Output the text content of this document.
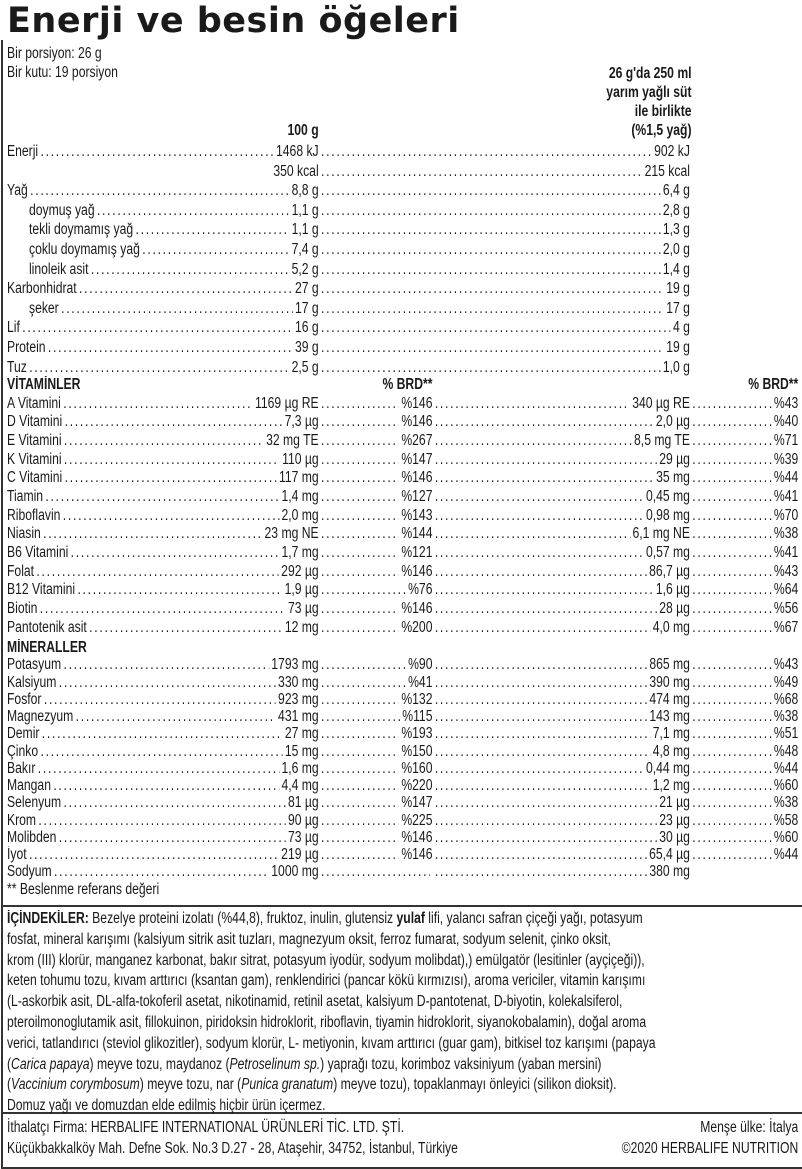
Enerji ve besin öğeleri
Bir porsiyon: 26 g
Bir kutu: 19 porsiyon
100 g
26 g'da 250 ml
yarım yağlı süt
ile birlikte
(%1,5 yağ)
Enerji .....	1468 kJ .....	902 kJ
350 kcal .....	215 kcal
Yağ .....	8,8 g .....	6,4 g
doymuş yağ .....	1,1 g .....	2,8 g
tekli doymamış yağ .....	1,1 g .....	1,3 g
çoklu doymamış yağ .....	7,4 g .....	2,0 g
linoleik asit .....	5,2 g .....	1,4 g
Karbonhidrat .....	27 g .....	19 g
şeker .....	17 g .....	17 g
Lif .....	16 g .....	4 g
Protein .....	39 g .....	19 g
Tuz .....	2,5 g .....	1,0 g
VİTAMİNLER	% BRD**	% BRD**
A Vitamini .....	1169 µg RE .....	%146 .....	340 µg RE .....	%43
D Vitamini .....	7,3 µg .....	%146 .....	2,0 µg .....	%40
E Vitamini .....	32 mg TE .....	%267 .....	8,5 mg TE .....	%71
K Vitamini .....	110 µg .....	%147 .....	29 µg .....	%39
C Vitamini .....	117 mg .....	%146 .....	35 mg .....	%44
Tiamin .....	1,4 mg .....	%127 .....	0,45 mg .....	%41
Riboflavin .....	2,0 mg .....	%143 .....	0,98 mg .....	%70
Niasin .....	23 mg NE .....	%144 .....	6,1 mg NE .....	%38
B6 Vitamini .....	1,7 mg .....	%121 .....	0,57 mg .....	%41
Folat .....	292 µg .....	%146 .....	86,7 µg .....	%43
B12 Vitamini .....	1,9 µg .....	%76 .....	1,6 µg .....	%64
Biotin .....	73 µg .....	%146 .....	28 µg .....	%56
Pantotenik asit .....	12 mg .....	%200 .....	4,0 mg .....	%67
MİNERALLER
Potasyum .....	1793 mg .....	%90 .....	865 mg .....	%43
Kalsiyum .....	330 mg .....	%41 .....	390 mg .....	%49
Fosfor .....	923 mg .....	%132 .....	474 mg .....	%68
Magnezyum .....	431 mg .....	%115 .....	143 mg .....	%38
Demir .....	27 mg .....	%193 .....	7,1 mg .....	%51
Çinko .....	15 mg .....	%150 .....	4,8 mg .....	%48
Bakır .....	1,6 mg .....	%160 .....	0,44 mg .....	%44
Mangan .....	4,4 mg .....	%220 .....	1,2 mg .....	%60
Selenyum .....	81 µg .....	%147 .....	21 µg .....	%38
Krom .....	90 µg .....	%225 .....	23 µg .....	%58
Molibden .....	73 µg .....	%146 .....	30 µg .....	%60
İyot .....	219 µg .....	%146 .....	65,4 µg .....	%44
Sodyum .....	1000 mg ..... .....	380 mg
** Beslenme referans değeri
İÇİNDEKİLER: Bezelye proteini izolatı (%44,8), fruktoz, inulin, glutensiz yulaf lifi, yalancı safran çiçeği yağı, potasyum
fosfat, mineral karışımı (kalsiyum sitrik asit tuzları, magnezyum oksit, ferroz fumarat, sodyum selenit, çinko oksit,
krom (III) klorür, manganez karbonat, bakır sitrat, potasyum iyodür, sodyum molibdat),) emülgatör (lesitinler (ayçiçeği)),
keten tohumu tozu, kıvam arttırıcı (ksantan gam), renklendirici (pancar kökü kırmızısı), aroma vericiler, vitamin karışımı
(L-askorbik asit, DL-alfa-tokoferil asetat, nikotinamid, retinil asetat, kalsiyum D-pantotenat, D-biyotin, kolekalsiferol,
pteroilmonoglutamik asit, fillokuinon, piridoksin hidroklorit, riboflavin, tiyamin hidroklorit, siyanokobalamin), doğal aroma
verici, tatlandırıcı (steviol glikozitler), sodyum klorür, L- metiyonin, kıvam arttırıcı (guar gam), bitkisel toz karışımı (papaya
(Carica papaya) meyve tozu, maydanoz (Petroselinum sp.) yaprağı tozu, korimboz vaksiniyum (yaban mersini)
(Vaccinium corymbosum) meyve tozu, nar (Punica granatum) meyve tozu), topaklanmayı önleyici (silikon dioksit).
Domuz yağı ve domuzdan elde edilmiş hiçbir ürün içermez.
İthalatçı Firma: HERBALIFE INTERNATIONAL ÜRÜNLERİ TİC. LTD. ŞTİ.	Menşe ülke: İtalya
Küçükbakkalköy Mah. Defne Sok. No.3 D.27 - 28, Ataşehir, 34752, İstanbul, Türkiye	©2020 HERBALIFE NUTRITION
